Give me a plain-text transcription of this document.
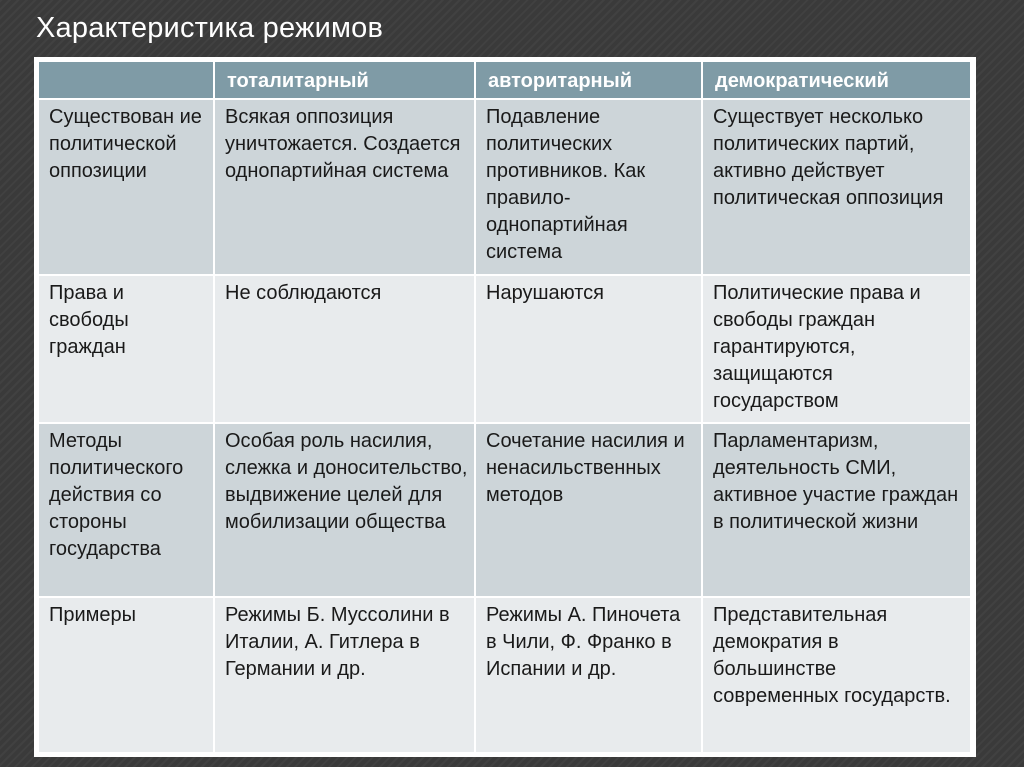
Характеристика режимов
	тоталитарный	авторитарный	демократический
Существован ие политической оппозиции	Всякая оппозиция уничтожается. Создается однопартийная система	Подавление политических противников. Как правило-однопартийная система	Существует несколько политических партий, активно действует политическая оппозиция
Права и свободы граждан	Не соблюдаются	Нарушаются	Политические права и свободы граждан гарантируются, защищаются государством
Методы политического действия со стороны государства	Особая роль насилия, слежка и доносительство, выдвижение целей для мобилизации общества	Сочетание насилия и ненасильственных методов	Парламентаризм, деятельность СМИ, активное участие граждан в политической жизни
Примеры	Режимы Б. Муссолини в Италии, А. Гитлера в Германии и др.	Режимы А. Пиночета в Чили, Ф. Франко в Испании и др.	Представительная демократия в большинстве современных государств.
